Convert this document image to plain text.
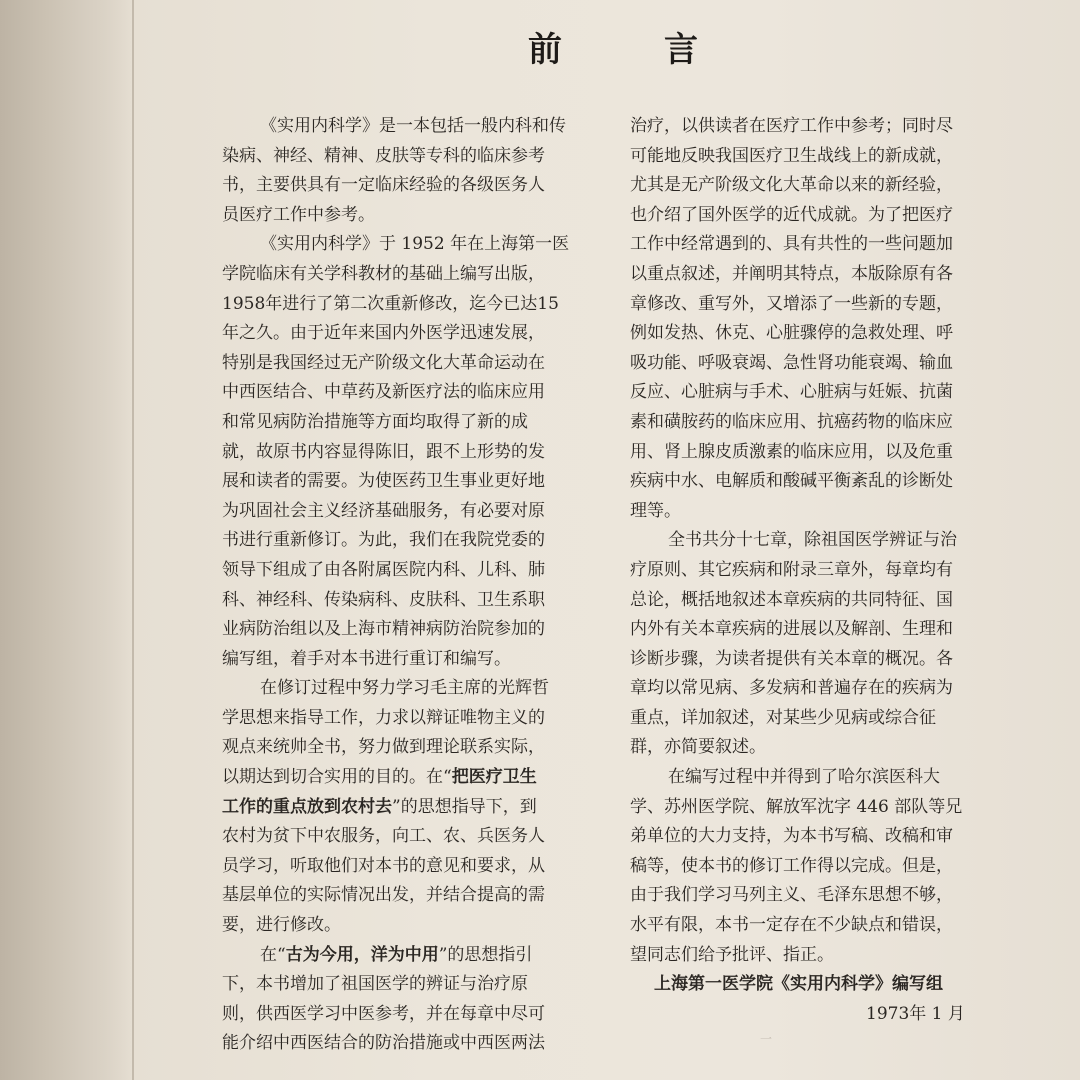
前	言
《实用内科学》是一本包括一般内科和传
染病、神经、精神、皮肤等专科的临床参考
书，主要供具有一定临床经验的各级医务人
员医疗工作中参考。
《实用内科学》于 1952 年在上海第一医
学院临床有关学科教材的基础上编写出版，
1958年进行了第二次重新修改，迄今已达15
年之久。由于近年来国内外医学迅速发展，
特别是我国经过无产阶级文化大革命运动在
中西医结合、中草药及新医疗法的临床应用
和常见病防治措施等方面均取得了新的成
就，故原书内容显得陈旧，跟不上形势的发
展和读者的需要。为使医药卫生事业更好地
为巩固社会主义经济基础服务，有必要对原
书进行重新修订。为此，我们在我院党委的
领导下组成了由各附属医院内科、儿科、肺
科、神经科、传染病科、皮肤科、卫生系职
业病防治组以及上海市精神病防治院参加的
编写组，着手对本书进行重订和编写。
在修订过程中努力学习毛主席的光辉哲
学思想来指导工作，力求以辩证唯物主义的
观点来统帅全书，努力做到理论联系实际，
以期达到切合实用的目的。在“把医疗卫生
工作的重点放到农村去”的思想指导下，到
农村为贫下中农服务，向工、农、兵医务人
员学习，听取他们对本书的意见和要求，从
基层单位的实际情况出发，并结合提高的需
要，进行修改。
在“古为今用，洋为中用”的思想指引
下，本书增加了祖国医学的辨证与治疗原
则，供西医学习中医参考，并在每章中尽可
能介绍中西医结合的防治措施或中西医两法
治疗，以供读者在医疗工作中参考；同时尽
可能地反映我国医疗卫生战线上的新成就，
尤其是无产阶级文化大革命以来的新经验，
也介绍了国外医学的近代成就。为了把医疗
工作中经常遇到的、具有共性的一些问题加
以重点叙述，并阐明其特点，本版除原有各
章修改、重写外，又增添了一些新的专题，
例如发热、休克、心脏骤停的急救处理、呼
吸功能、呼吸衰竭、急性肾功能衰竭、输血
反应、心脏病与手术、心脏病与妊娠、抗菌
素和磺胺药的临床应用、抗癌药物的临床应
用、肾上腺皮质激素的临床应用，以及危重
疾病中水、电解质和酸碱平衡紊乱的诊断处
理等。
全书共分十七章，除祖国医学辨证与治
疗原则、其它疾病和附录三章外，每章均有
总论，概括地叙述本章疾病的共同特征、国
内外有关本章疾病的进展以及解剖、生理和
诊断步骤，为读者提供有关本章的概况。各
章均以常见病、多发病和普遍存在的疾病为
重点，详加叙述，对某些少见病或综合征
群，亦简要叙述。
在编写过程中并得到了哈尔滨医科大
学、苏州医学院、解放军沈字 446 部队等兄
弟单位的大力支持，为本书写稿、改稿和审
稿等，使本书的修订工作得以完成。但是，
由于我们学习马列主义、毛泽东思想不够，
水平有限，本书一定存在不少缺点和错误，
望同志们给予批评、指正。
上海第一医学院《实用内科学》编写组
1973年 1 月
一
